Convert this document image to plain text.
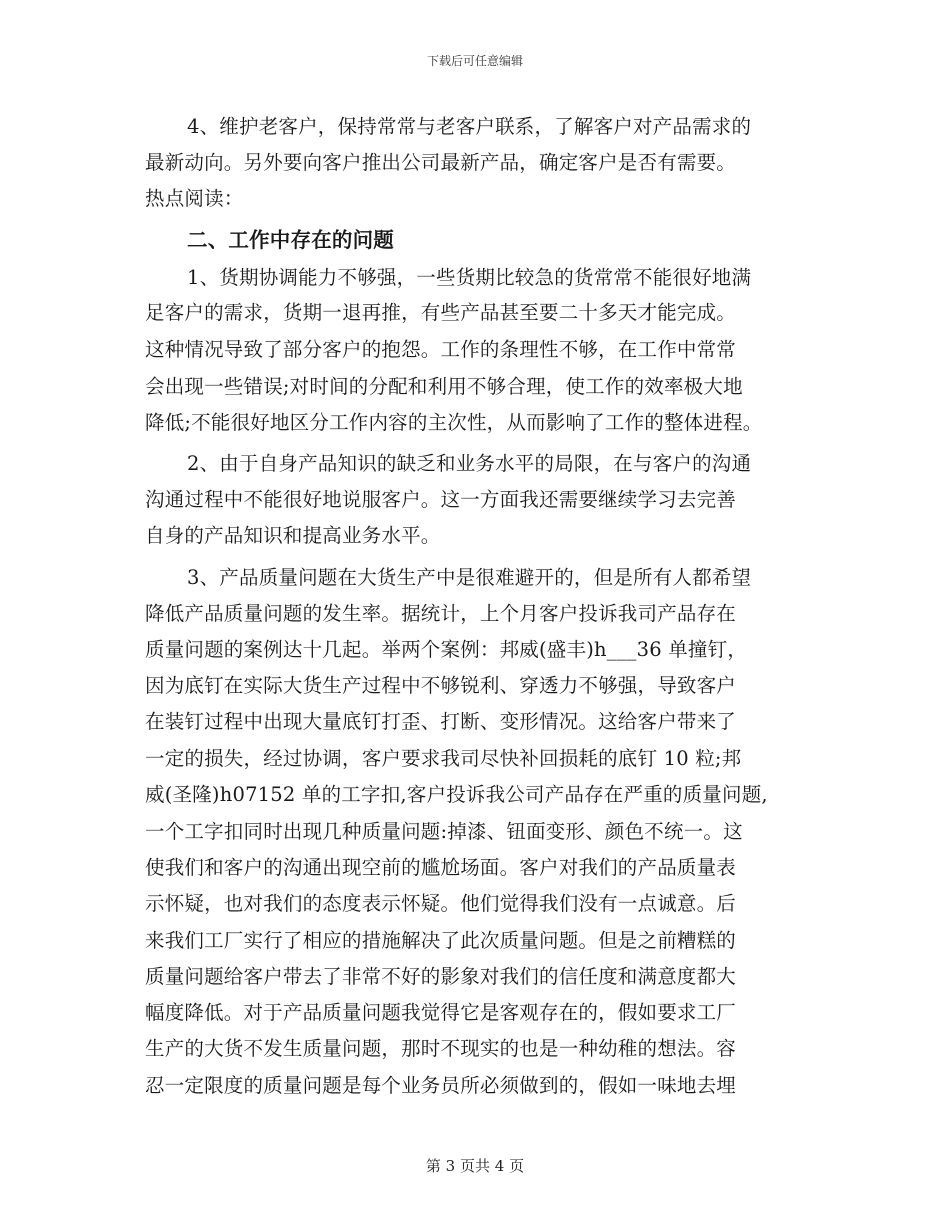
下载后可任意编辑
4、维护老客户，保持常常与老客户联系，了解客户对产品需求的
最新动向。另外要向客户推出公司最新产品，确定客户是否有需要。
热点阅读：
二、工作中存在的问题
1、货期协调能力不够强，一些货期比较急的货常常不能很好地满
足客户的需求，货期一退再推，有些产品甚至要二十多天才能完成。
这种情况导致了部分客户的抱怨。工作的条理性不够，在工作中常常
会出现一些错误;对时间的分配和利用不够合理，使工作的效率极大地
降低;不能很好地区分工作内容的主次性，从而影响了工作的整体进程。
2、由于自身产品知识的缺乏和业务水平的局限，在与客户的沟通
沟通过程中不能很好地说服客户。这一方面我还需要继续学习去完善
自身的产品知识和提高业务水平。
3、产品质量问题在大货生产中是很难避开的，但是所有人都希望
降低产品质量问题的发生率。据统计，上个月客户投诉我司产品存在
质量问题的案例达十几起。举两个案例：邦威(盛丰)h___36 单撞钉，
因为底钉在实际大货生产过程中不够锐利、穿透力不够强，导致客户
在装钉过程中出现大量底钉打歪、打断、变形情况。这给客户带来了
一定的损失，经过协调，客户要求我司尽快补回损耗的底钉 10 粒;邦
威(圣隆)h07152 单的工字扣,客户投诉我公司产品存在严重的质量问题,
一个工字扣同时出现几种质量问题:掉漆、钮面变形、颜色不统一。这
使我们和客户的沟通出现空前的尴尬场面。客户对我们的产品质量表
示怀疑，也对我们的态度表示怀疑。他们觉得我们没有一点诚意。后
来我们工厂实行了相应的措施解决了此次质量问题。但是之前糟糕的
质量问题给客户带去了非常不好的影象对我们的信任度和满意度都大
幅度降低。对于产品质量问题我觉得它是客观存在的，假如要求工厂
生产的大货不发生质量问题，那时不现实的也是一种幼稚的想法。容
忍一定限度的质量问题是每个业务员所必须做到的，假如一味地去埋
第 3 页共 4 页
